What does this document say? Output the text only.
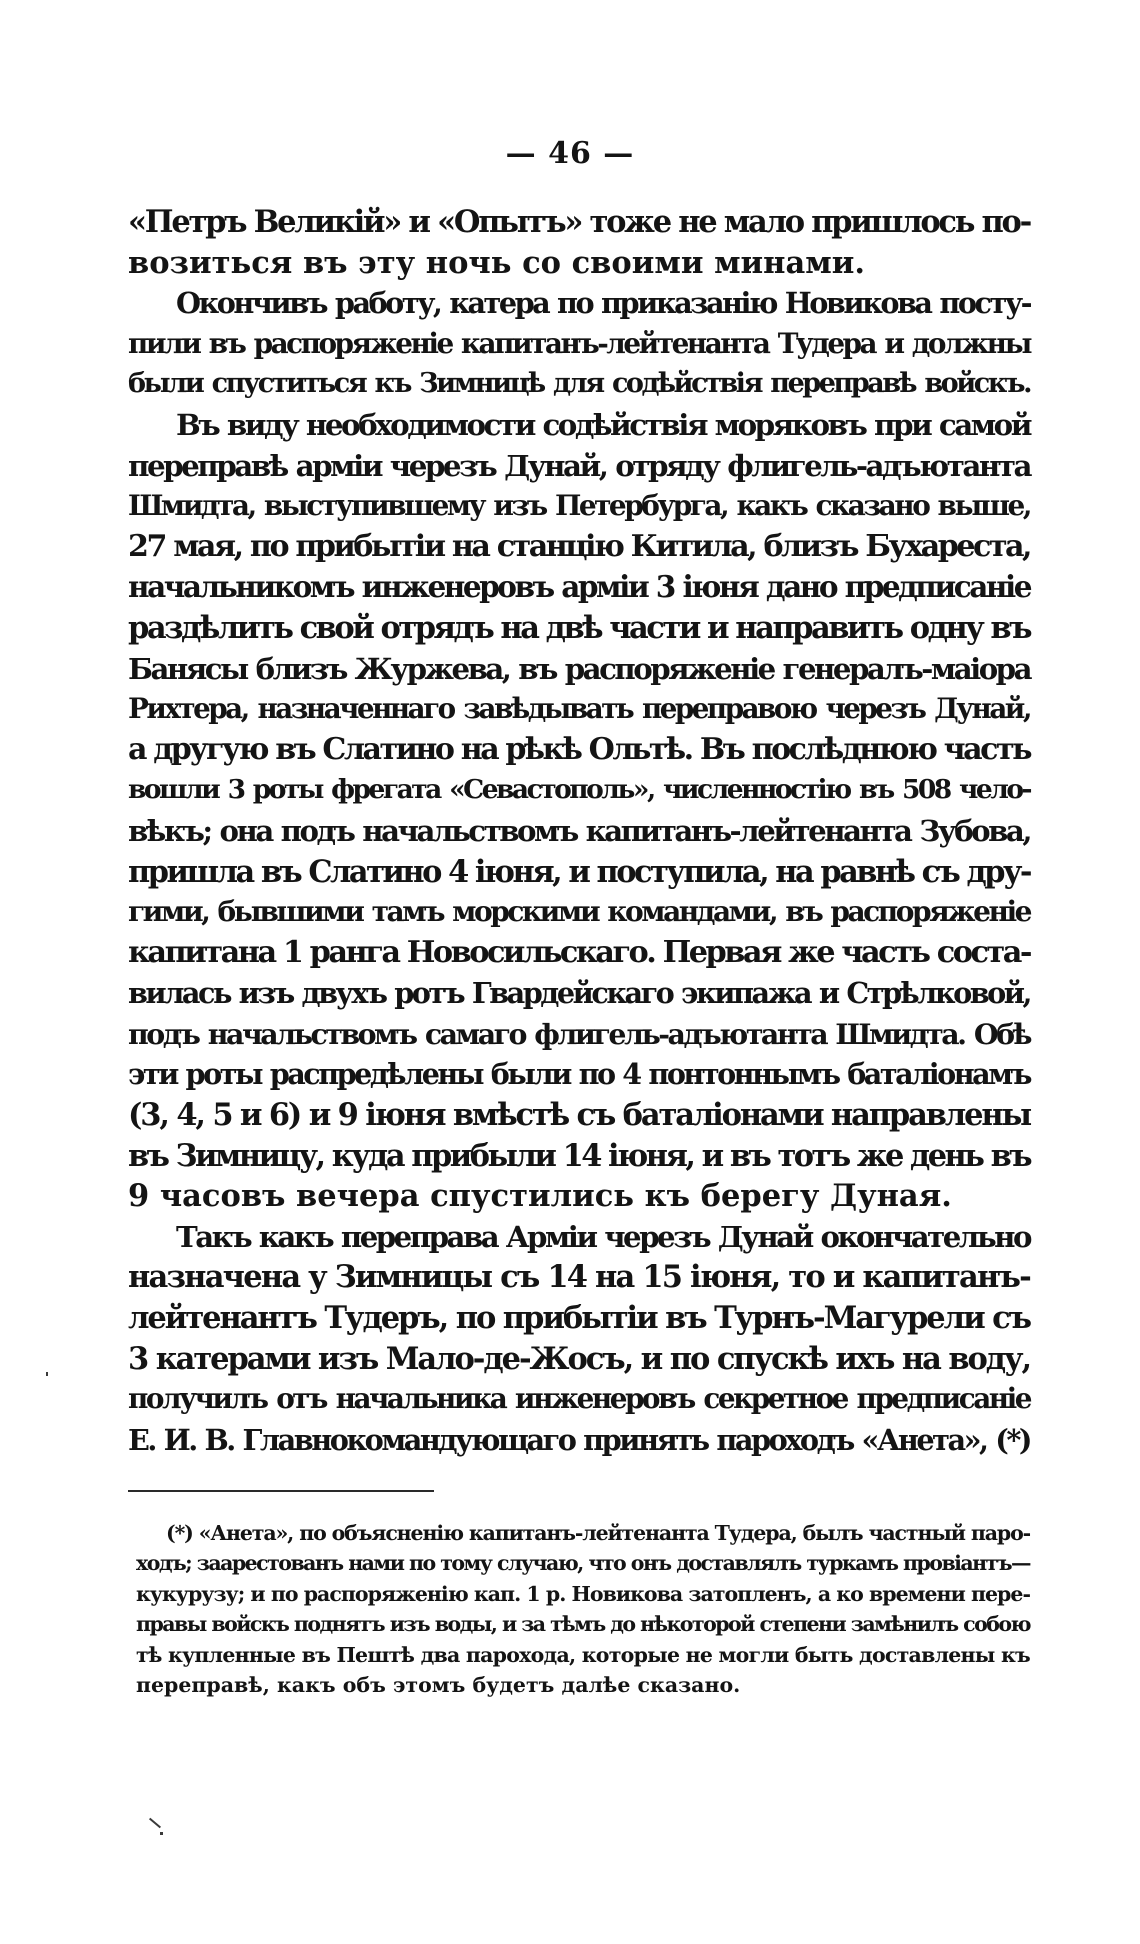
— 46 —
«Петръ Великій» и «Опытъ» тоже не мало пришлось по-
возиться въ эту ночь со своими минами.
Окончивъ работу, катера по приказанію Новикова посту-
пили въ распоряженіе капитанъ-лейтенанта Тудера и должны
были спуститься къ Зимницѣ для содѣйствія переправѣ войскъ.
Въ виду необходимости содѣйствія моряковъ при самой
переправѣ арміи черезъ Дунай, отряду флигель-адъютанта
Шмидта, выступившему изъ Петербурга, какъ сказано выше,
27 мая, по прибытіи на станцію Китила, близъ Бухареста,
начальникомъ инженеровъ арміи 3 іюня дано предписаніе
раздѣлить свой отрядъ на двѣ части и направить одну въ
Банясы близъ Журжева, въ распоряженіе генералъ-маіора
Рихтера, назначеннаго завѣдывать переправою черезъ Дунай,
а другую въ Слатино на рѣкѣ Ольтѣ. Въ послѣднюю часть
вошли 3 роты фрегата «Севастополь», численностію въ 508 чело-
вѣкъ; она подъ начальствомъ капитанъ-лейтенанта Зубова,
пришла въ Слатино 4 іюня, и поступила, на равнѣ съ дру-
гими, бывшими тамъ морскими командами, въ распоряженіе
капитана 1 ранга Новосильскаго. Первая же часть соста-
вилась изъ двухъ ротъ Гвардейскаго экипажа и Стрѣлковой,
подъ начальствомъ самаго флигель-адъютанта Шмидта. Обѣ
эти роты распредѣлены были по 4 понтоннымъ баталіонамъ
(3, 4, 5 и 6) и 9 іюня вмѣстѣ съ баталіонами направлены
въ Зимницу, куда прибыли 14 іюня, и въ тотъ же день въ
9 часовъ вечера спустились къ берегу Дуная.
Такъ какъ переправа Арміи черезъ Дунай окончательно
назначена у Зимницы съ 14 на 15 іюня, то и капитанъ-
лейтенантъ Тудеръ, по прибытіи въ Турнъ-Магурели съ
3 катерами изъ Мало-де-Жосъ, и по спускѣ ихъ на воду,
получилъ отъ начальника инженеровъ секретное предписаніе
Е. И. В. Главнокомандующаго принять пароходъ «Анета», (*)
(*) «Анета», по объясненію капитанъ-лейтенанта Тудера, былъ частный паро-
ходъ; заарестованъ нами по тому случаю, что онъ доставлялъ туркамъ провіантъ—
кукурузу; и по распоряженію кап. 1 р. Новикова затопленъ, а ко времени пере-
правы войскъ поднятъ изъ воды, и за тѣмъ до нѣкоторой степени замѣнилъ собою
тѣ купленные въ Пештѣ два парохода, которые не могли быть доставлены къ
переправѣ, какъ объ этомъ будетъ далѣе сказано.
